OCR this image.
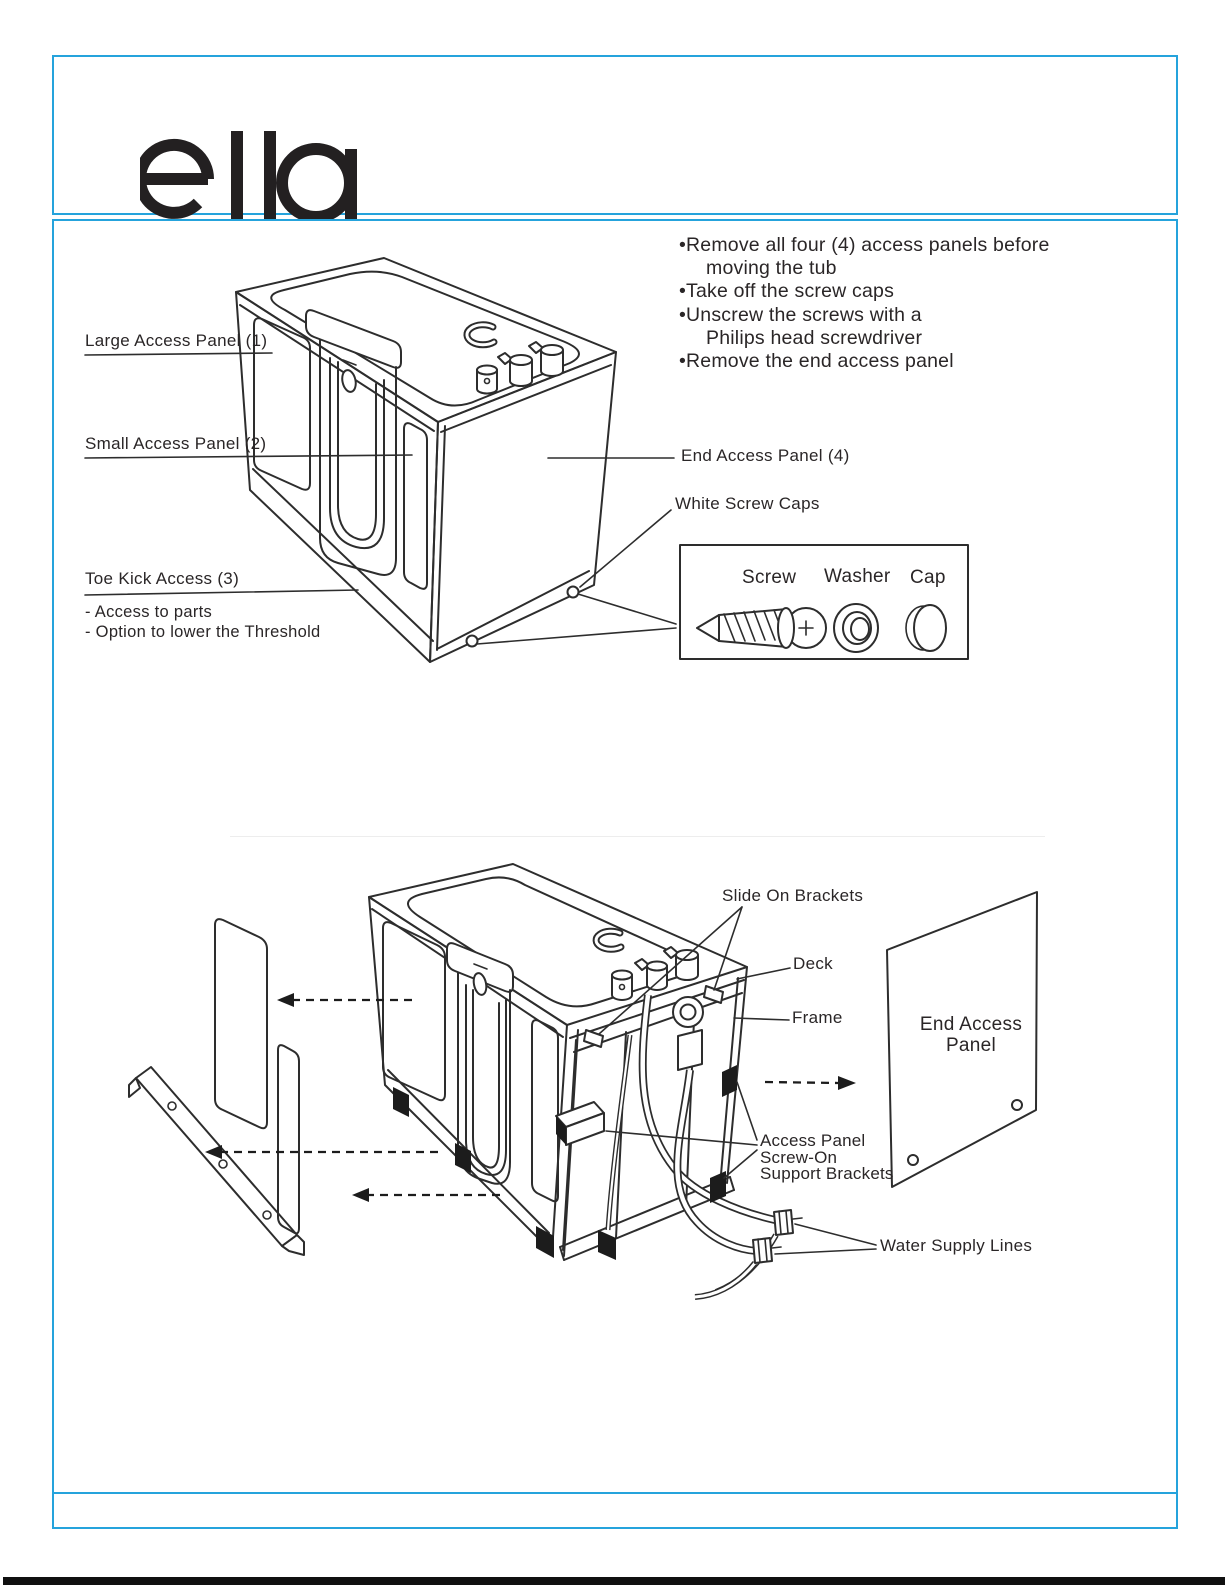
•Remove all four (4) access panels before
moving the tub
•Take off the screw caps
•Unscrew the screws with a
Philips head screwdriver
•Remove the end access panel
Large Access Panel (1)
Small Access Panel (2)
Toe Kick Access (3)
- Access to parts
- Option to lower the Threshold
End Access Panel (4)
White Screw Caps
Screw Washer Cap
Slide On Brackets
Deck
Frame	End Access
Panel
Access Panel
Screw-On
Support Brackets
Water Supply Lines
